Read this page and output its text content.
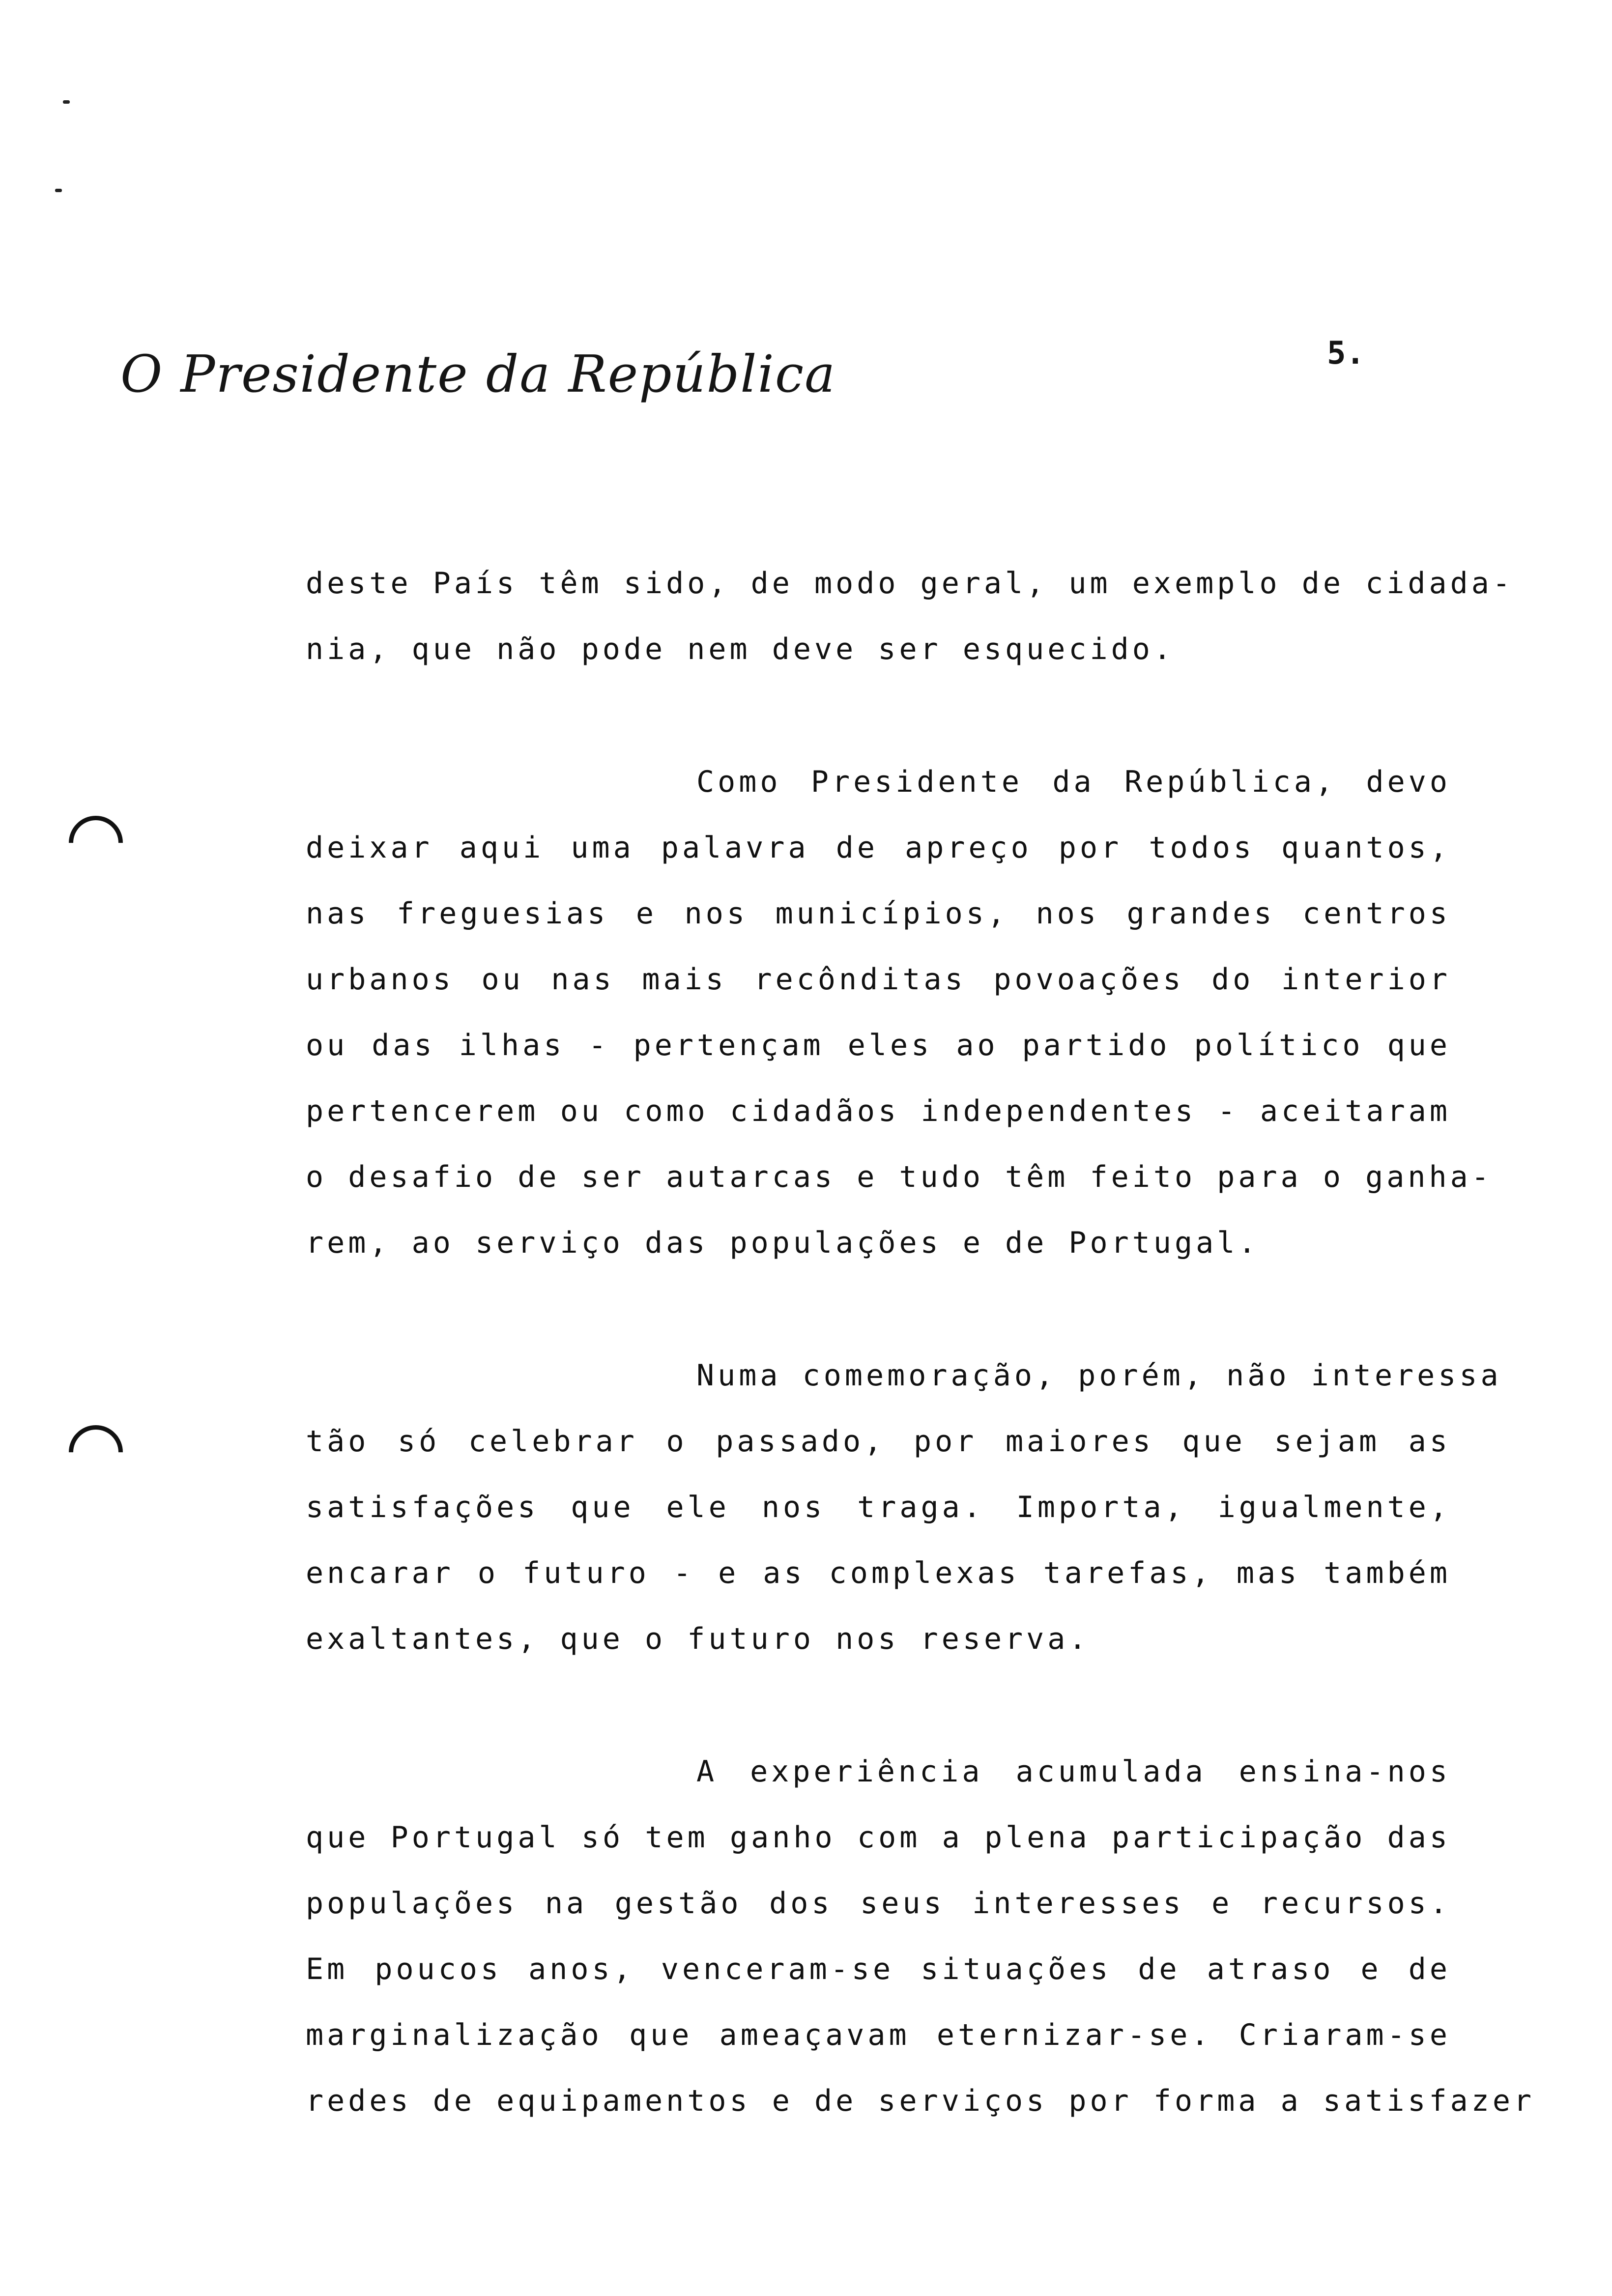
O Presidente da República	5.
deste País têm sido, de modo geral, um exemplo de cidada-
nia, que não pode nem deve ser esquecido.
Como Presidente da República, devo
deixar aqui uma palavra de apreço por todos quantos,
nas freguesias e nos municípios, nos grandes centros
urbanos ou nas mais recônditas povoações do interior
ou das ilhas - pertençam eles ao partido político que
pertencerem ou como cidadãos independentes - aceitaram
o desafio de ser autarcas e tudo têm feito para o ganha-
rem, ao serviço das populações e de Portugal.
Numa comemoração, porém, não interessa
tão só celebrar o passado, por maiores que sejam as
satisfações que ele nos traga. Importa, igualmente,
encarar o futuro - e as complexas tarefas, mas também
exaltantes, que o futuro nos reserva.
A experiência acumulada ensina-nos
que Portugal só tem ganho com a plena participação das
populações na gestão dos seus interesses e recursos.
Em poucos anos, venceram-se situações de atraso e de
marginalização que ameaçavam eternizar-se. Criaram-se
redes de equipamentos e de serviços por forma a satisfazer
